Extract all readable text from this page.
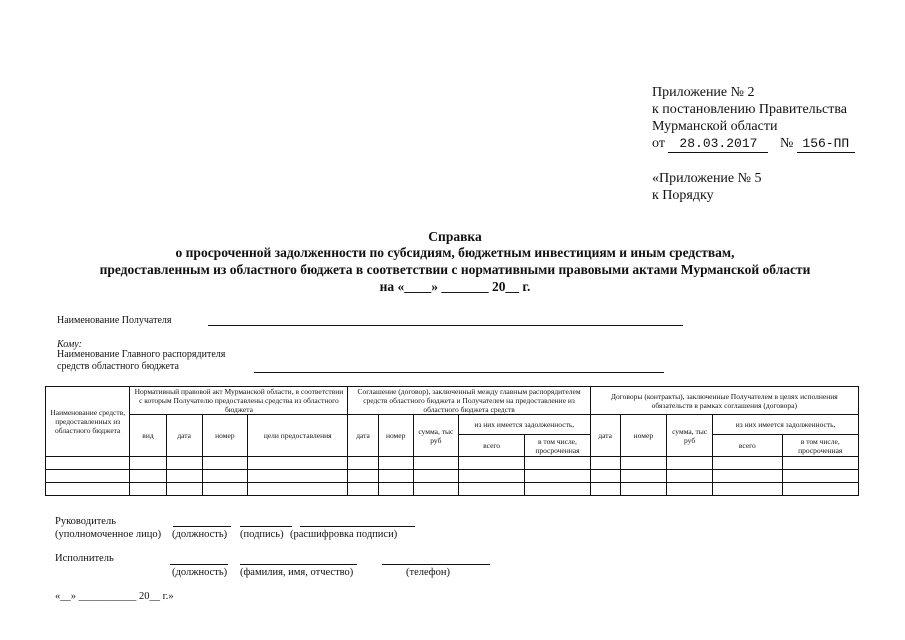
Приложение № 2
к постановлению Правительства
Мурманской области
от 28.03.2017 № 156-ПП
«Приложение № 5
к Порядку
Справка
о просроченной задолженности по субсидиям, бюджетным инвестициям и иным средствам,
предоставленным из областного бюджета в соответствии с нормативными правовыми актами Мурманской области
на «____» _______ 20__ г.
Наименование Получателя
Кому:
Наименование Главного распорядителя
средств областного бюджета
Наименование средств, предоставленных из областного бюджета	Нормативный правовой акт Мурманской области, в соответствии с которым Получателю предоставлены средства из областного бюджета				Соглашение (договор), заключенный между главным распорядителем средств областного бюджета и Получателем на предоставление из областного бюджета средств					Договоры (контракты), заключенные Получателем в целях исполнения обязательств в рамках соглашения (договора)				
	вид	дата	номер	цели предоставления	дата	номер	сумма, тыс руб	из них имеется задолженность,		дата	номер	сумма, тыс руб	из них имеется задолженность,	
								всего	в том числе, просроченная				всего	в том числе, просроченная

Руководитель
(уполномоченное лицо) (должность) (подпись) (расшифровка подписи)
Исполнитель
(должность) (фамилия, имя, отчество)	(телефон)
«__» ___________ 20__ г.»
